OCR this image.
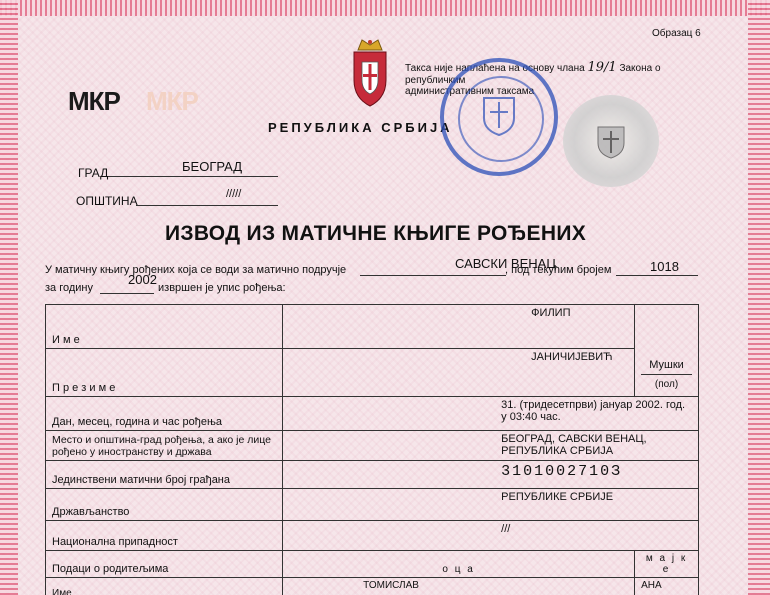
Образац 6
Такса није наплаћена на основу члана 19/1 Закона о републичким
административним таксама
МКР МКР
РЕПУБЛИКА СРБИЈА
ГРАД	БЕОГРАД
ОПШТИНА	/////
ИЗВОД ИЗ МАТИЧНЕ КЊИГЕ РОЂЕНИХ
У матичну књигу рођених која се води за матично подручје	САВСКИ ВЕНАЦ
, под текућим бројем	1018
за годину
2002
извршен је упис рођења:
И м е	ФИЛИП	Мушки
(пол)

П р е з и м е	ЈАНИЧИЈЕВИЋ	
Дан, месец, година и час рођења	31. (тридесетпрви) јануар 2002. год. у 03:40 час.	
Место и општина-град рођења, а ако је лице рођено у иностранству и држава	БЕОГРАД, САВСКИ ВЕНАЦ, РЕПУБЛИКА СРБИЈА	
Јединствени матични број грађана	3101002710З	
Држављанство	РЕПУБЛИКЕ СРБИЈЕ	
Национална припадност	///	
Подаци о родитељима	о ц а	м а ј к е
Име	ТОМИСЛАВ	АНА
